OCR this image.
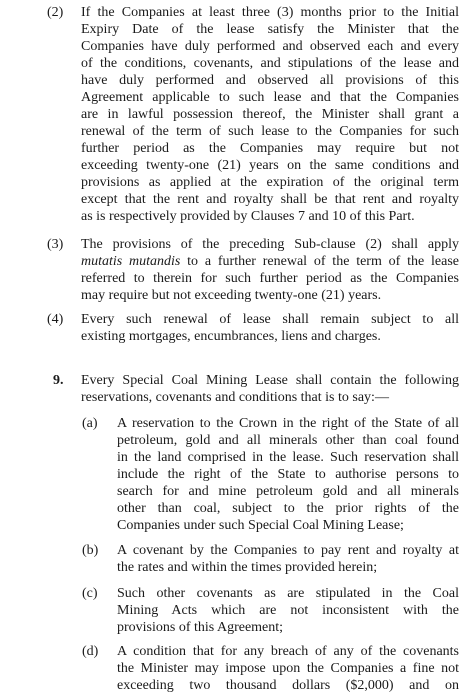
(2) If the Companies at least three (3) months prior to the Initial
Expiry Date of the lease satisfy the Minister that the
Companies have duly performed and observed each and every
of the conditions, covenants, and stipulations of the lease and
have duly performed and observed all provisions of this
Agreement applicable to such lease and that the Companies
are in lawful possession thereof, the Minister shall grant a
renewal of the term of such lease to the Companies for such
further period as the Companies may require but not
exceeding twenty-one (21) years on the same conditions and
provisions as applied at the expiration of the original term
except that the rent and royalty shall be that rent and royalty
as is respectively provided by Clauses 7 and 10 of this Part.
(3) The provisions of the preceding Sub-clause (2) shall apply
mutatis mutandis to a further renewal of the term of the lease
referred to therein for such further period as the Companies
may require but not exceeding twenty-one (21) years.
(4) Every such renewal of lease shall remain subject to all
existing mortgages, encumbrances, liens and charges.
9. Every Special Coal Mining Lease shall contain the following
reservations, covenants and conditions that is to say:—
(a) A reservation to the Crown in the right of the State of all
petroleum, gold and all minerals other than coal found
in the land comprised in the lease. Such reservation shall
include the right of the State to authorise persons to
search for and mine petroleum gold and all minerals
other than coal, subject to the prior rights of the
Companies under such Special Coal Mining Lease;
(b) A covenant by the Companies to pay rent and royalty at
the rates and within the times provided herein;
(c) Such other covenants as are stipulated in the Coal
Mining Acts which are not inconsistent with the
provisions of this Agreement;
(d) A condition that for any breach of any of the covenants
the Minister may impose upon the Companies a fine not
exceeding two thousand dollars ($2,000) and on
